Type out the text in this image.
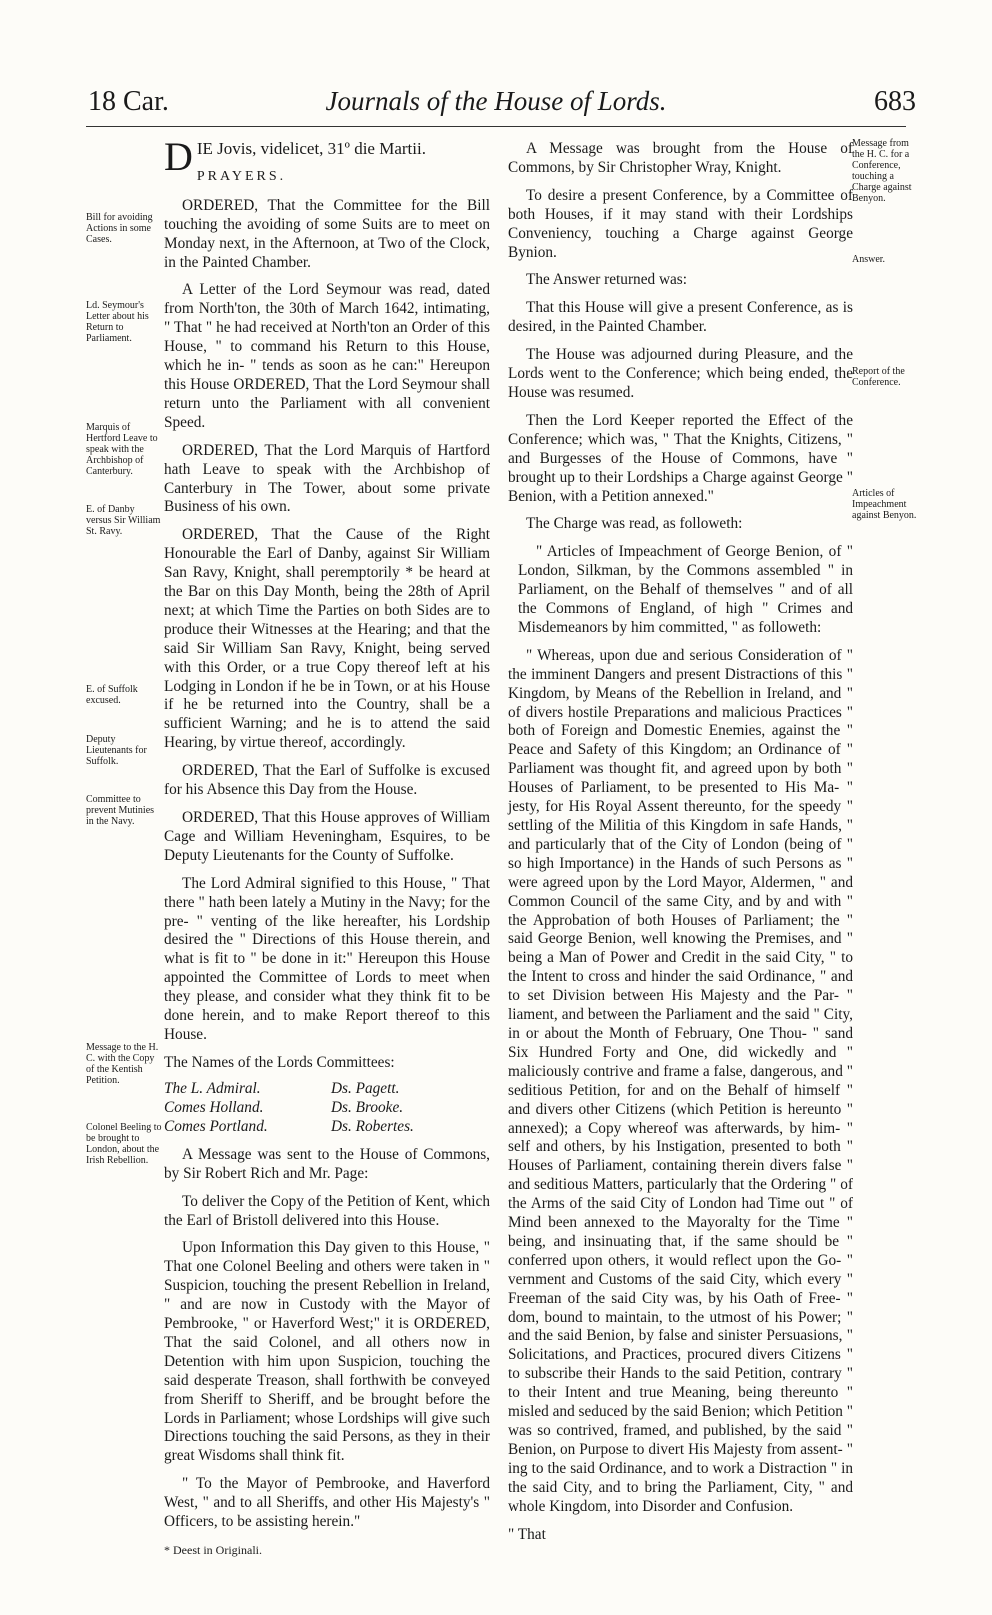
18 Car.	Journals of the House of Lords.	683
Bill for avoiding Actions in some Cases.
Ld. Seymour's Letter about his Return to Parliament.
Marquis of Hertford Leave to speak with the Archbishop of Canterbury.
E. of Danby versus Sir William St. Ravy.
E. of Suffolk excused.
Deputy Lieutenants for Suffolk.
Committee to prevent Mutinies in the Navy.
Message to the H. C. with the Copy of the Kentish Petition.
Colonel Beeling to be brought to London, about the Irish Rebellion.
Message from the H. C. for a Conference, touching a Charge against Benyon.
Answer.
Report of the Conference.
Articles of Impeachment against Benyon.

D IE Jovis, videlicet, 31º die Martii.

PRAYERS.

ORDERED, That the Committee for the Bill touching the avoiding of some Suits are to meet on Monday next, in the Afternoon, at Two of the Clock, in the Painted Chamber.

A Letter of the Lord Seymour was read, dated from North'ton, the 30th of March 1642, intimating, " That " he had received at North'ton an Order of this House, " to command his Return to this House, which he in- " tends as soon as he can:" Hereupon this House ORDERED, That the Lord Seymour shall return unto the Parliament with all convenient Speed.

ORDERED, That the Lord Marquis of Hartford hath Leave to speak with the Archbishop of Canterbury in The Tower, about some private Business of his own.

ORDERED, That the Cause of the Right Honourable the Earl of Danby, against Sir William San Ravy, Knight, shall peremptorily * be heard at the Bar on this Day Month, being the 28th of April next; at which Time the Parties on both Sides are to produce their Witnesses at the Hearing; and that the said Sir William San Ravy, Knight, being served with this Order, or a true Copy thereof left at his Lodging in London if he be in Town, or at his House if he be returned into the Country, shall be a sufficient Warning; and he is to attend the said Hearing, by virtue thereof, accordingly.

ORDERED, That the Earl of Suffolke is excused for his Absence this Day from the House.

ORDERED, That this House approves of William Cage and William Heveningham, Esquires, to be Deputy Lieutenants for the County of Suffolke.

The Lord Admiral signified to this House, " That there " hath been lately a Mutiny in the Navy; for the pre- " venting of the like hereafter, his Lordship desired the " Directions of this House therein, and what is fit to " be done in it:" Hereupon this House appointed the Committee of Lords to meet when they please, and consider what they think fit to be done herein, and to make Report thereof to this House.

The Names of the Lords Committees:

The L. Admiral.	Ds. Pagett.
Comes Holland.	Ds. Brooke.
Comes Portland.	Ds. Robertes.

A Message was sent to the House of Commons, by Sir Robert Rich and Mr. Page:

To deliver the Copy of the Petition of Kent, which the Earl of Bristoll delivered into this House.

Upon Information this Day given to this House, " That one Colonel Beeling and others were taken in " Suspicion, touching the present Rebellion in Ireland, " and are now in Custody with the Mayor of Pembrooke, " or Haverford West;" it is ORDERED, That the said Colonel, and all others now in Detention with him upon Suspicion, touching the said desperate Treason, shall forthwith be conveyed from Sheriff to Sheriff, and be brought before the Lords in Parliament; whose Lordships will give such Directions touching the said Persons, as they in their great Wisdoms shall think fit.

" To the Mayor of Pembrooke, and Haverford West, " and to all Sheriffs, and other His Majesty's " Officers, to be assisting herein."

* Deest in Originali.

A Message was brought from the House of Commons, by Sir Christopher Wray, Knight.

To desire a present Conference, by a Committee of both Houses, if it may stand with their Lordships Conveniency, touching a Charge against George Bynion.

The Answer returned was:

That this House will give a present Conference, as is desired, in the Painted Chamber.

The House was adjourned during Pleasure, and the Lords went to the Conference; which being ended, the House was resumed.

Then the Lord Keeper reported the Effect of the Conference; which was, " That the Knights, Citizens, " and Burgesses of the House of Commons, have " brought up to their Lordships a Charge against George " Benion, with a Petition annexed."

The Charge was read, as followeth:

" Articles of Impeachment of George Benion, of " London, Silkman, by the Commons assembled " in Parliament, on the Behalf of themselves " and of all the Commons of England, of high " Crimes and Misdemeanors by him committed, " as followeth:

" Whereas, upon due and serious Consideration of " the imminent Dangers and present Distractions of this " Kingdom, by Means of the Rebellion in Ireland, and " of divers hostile Preparations and malicious Practices " both of Foreign and Domestic Enemies, against the " Peace and Safety of this Kingdom; an Ordinance of " Parliament was thought fit, and agreed upon by both " Houses of Parliament, to be presented to His Ma- " jesty, for His Royal Assent thereunto, for the speedy " settling of the Militia of this Kingdom in safe Hands, " and particularly that of the City of London (being of " so high Importance) in the Hands of such Persons as " were agreed upon by the Lord Mayor, Aldermen, " and Common Council of the same City, and by and with " the Approbation of both Houses of Parliament; the " said George Benion, well knowing the Premises, and " being a Man of Power and Credit in the said City, " to the Intent to cross and hinder the said Ordinance, " and to set Division between His Majesty and the Par- " liament, and between the Parliament and the said " City, in or about the Month of February, One Thou- " sand Six Hundred Forty and One, did wickedly and " maliciously contrive and frame a false, dangerous, and " seditious Petition, for and on the Behalf of himself " and divers other Citizens (which Petition is hereunto " annexed); a Copy whereof was afterwards, by him- " self and others, by his Instigation, presented to both " Houses of Parliament, containing therein divers false " and seditious Matters, particularly that the Ordering " of the Arms of the said City of London had Time out " of Mind been annexed to the Mayoralty for the Time " being, and insinuating that, if the same should be " conferred upon others, it would reflect upon the Go- " vernment and Customs of the said City, which every " Freeman of the said City was, by his Oath of Free- " dom, bound to maintain, to the utmost of his Power; " and the said Benion, by false and sinister Persuasions, " Solicitations, and Practices, procured divers Citizens " to subscribe their Hands to the said Petition, contrary " to their Intent and true Meaning, being thereunto " misled and seduced by the said Benion; which Petition " was so contrived, framed, and published, by the said " Benion, on Purpose to divert His Majesty from assent- " ing to the said Ordinance, and to work a Distraction " in the said City, and to bring the Parliament, City, " and whole Kingdom, into Disorder and Confusion.

" That
